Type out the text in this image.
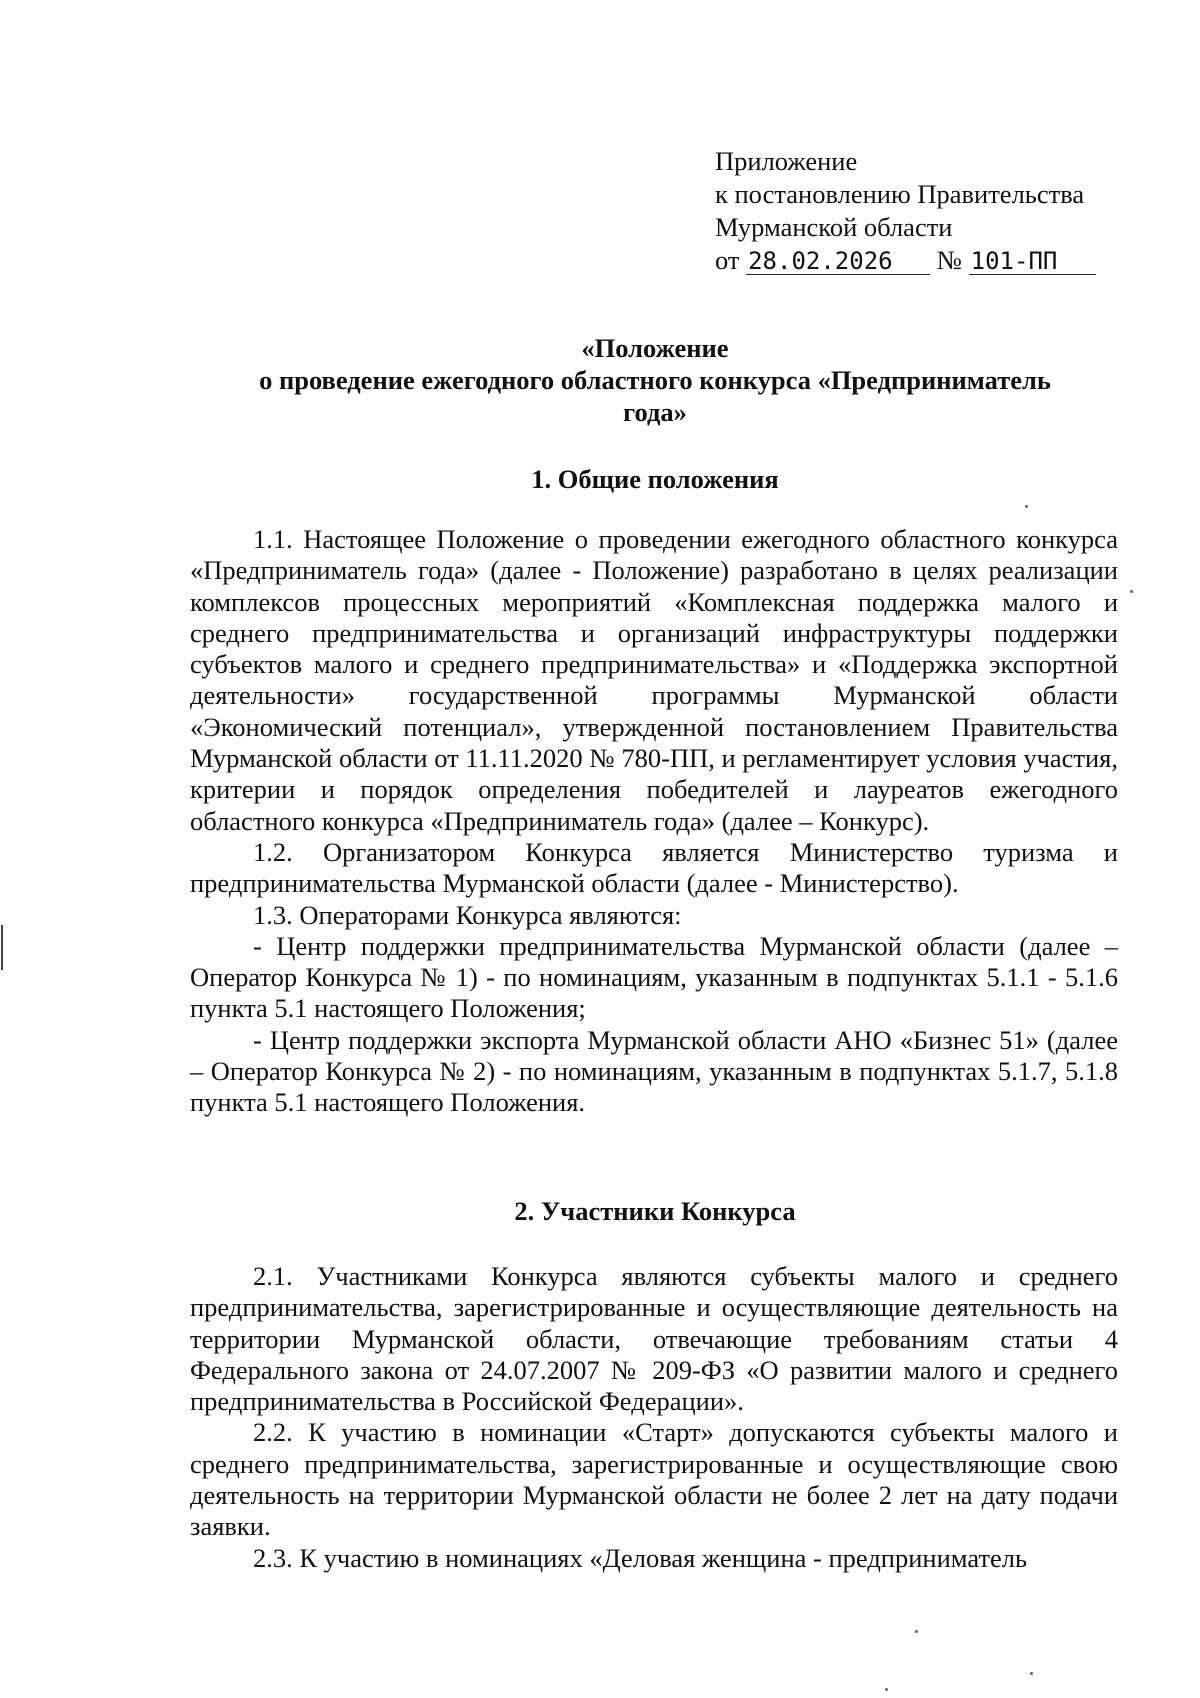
Приложение
к постановлению Правительства
Мурманской области
от 28.02.2026 № 101-ПП
«Положение
о проведение ежегодного областного конкурса «Предприниматель
года»
1. Общие положения

1.1. Настоящее Положение о проведении ежегодного областного конкурса «Предприниматель года» (далее - Положение) разработано в целях реализации комплексов процессных мероприятий «Комплексная поддержка малого и среднего предпринимательства и организаций инфраструктуры поддержки субъектов малого и среднего предпринимательства» и «Поддержка экспортной деятельности» государственной программы Мурманской области «Экономический потенциал», утвержденной постановлением Правительства Мурманской области от 11.11.2020 № 780-ПП, и регламентирует условия участия, критерии и порядок определения победителей и лауреатов ежегодного областного конкурса «Предприниматель года» (далее – Конкурс).

1.2. Организатором Конкурса является Министерство туризма и предпринимательства Мурманской области (далее - Министерство).

1.3. Операторами Конкурса являются:

- Центр поддержки предпринимательства Мурманской области (далее – Оператор Конкурса № 1) - по номинациям, указанным в подпунктах 5.1.1 - 5.1.6 пункта 5.1 настоящего Положения;

- Центр поддержки экспорта Мурманской области АНО «Бизнес 51» (далее – Оператор Конкурса № 2) - по номинациям, указанным в подпунктах 5.1.7, 5.1.8 пункта 5.1 настоящего Положения.

2. Участники Конкурса

2.1. Участниками Конкурса являются субъекты малого и среднего предпринимательства, зарегистрированные и осуществляющие деятельность на территории Мурманской области, отвечающие требованиям статьи 4 Федерального закона от 24.07.2007 № 209-ФЗ «О развитии малого и среднего предпринимательства в Российской Федерации».

2.2. К участию в номинации «Старт» допускаются субъекты малого и среднего предпринимательства, зарегистрированные и осуществляющие свою деятельность на территории Мурманской области не более 2 лет на дату подачи заявки.

2.3. К участию в номинациях «Деловая женщина - предприниматель
